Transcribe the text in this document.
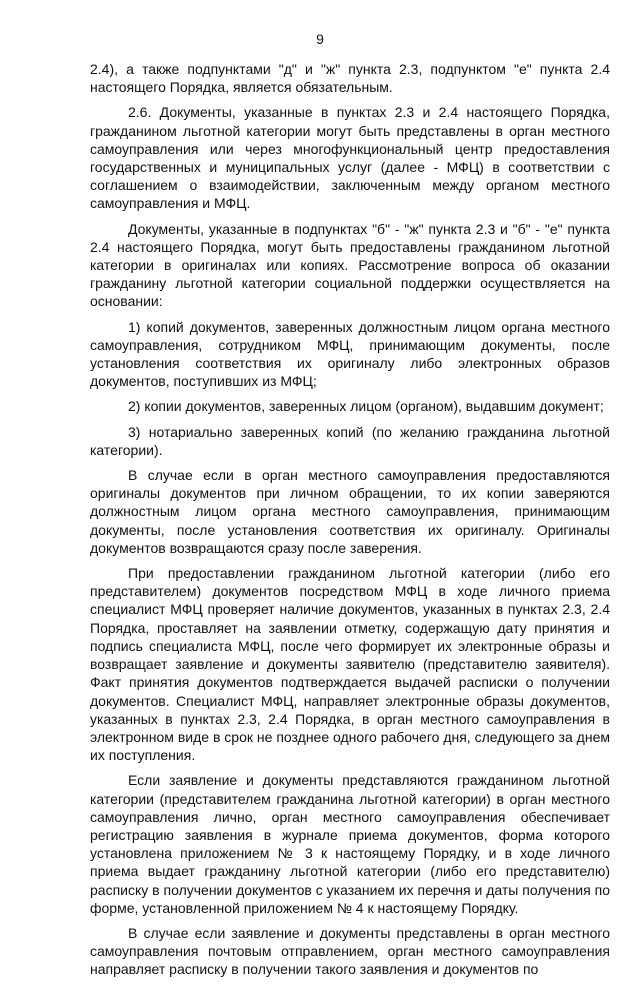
9

2.4), а также подпунктами "д" и "ж" пункта 2.3, подпунктом "е" пункта 2.4 настоящего Порядка, является обязательным.

2.6. Документы, указанные в пунктах 2.3 и 2.4 настоящего Порядка, гражданином льготной категории могут быть представлены в орган местного самоуправления или через многофункциональный центр предоставления государственных и муниципальных услуг (далее - МФЦ) в соответствии с соглашением о взаимодействии, заключенным между органом местного самоуправления и МФЦ.

Документы, указанные в подпунктах "б" - "ж" пункта 2.3 и "б" - "е" пункта 2.4 настоящего Порядка, могут быть предоставлены гражданином льготной категории в оригиналах или копиях. Рассмотрение вопроса об оказании гражданину льготной категории социальной поддержки осуществляется на основании:

1) копий документов, заверенных должностным лицом органа местного самоуправления, сотрудником МФЦ, принимающим документы, после установления соответствия их оригиналу либо электронных образов документов, поступивших из МФЦ;

2) копии документов, заверенных лицом (органом), выдавшим документ;

3) нотариально заверенных копий (по желанию гражданина льготной категории).

В случае если в орган местного самоуправления предоставляются оригиналы документов при личном обращении, то их копии заверяются должностным лицом органа местного самоуправления, принимающим документы, после установления соответствия их оригиналу. Оригиналы документов возвращаются сразу после заверения.

При предоставлении гражданином льготной категории (либо его представителем) документов посредством МФЦ в ходе личного приема специалист МФЦ проверяет наличие документов, указанных в пунктах 2.3, 2.4 Порядка, проставляет на заявлении отметку, содержащую дату принятия и подпись специалиста МФЦ, после чего формирует их электронные образы и возвращает заявление и документы заявителю (представителю заявителя). Факт принятия документов подтверждается выдачей расписки о получении документов. Специалист МФЦ, направляет электронные образы документов, указанных в пунктах 2.3, 2.4 Порядка, в орган местного самоуправления в электронном виде в срок не позднее одного рабочего дня, следующего за днем их поступления.

Если заявление и документы представляются гражданином льготной категории (представителем гражданина льготной категории) в орган местного самоуправления лично, орган местного самоуправления обеспечивает регистрацию заявления в журнале приема документов, форма которого установлена приложением № 3 к настоящему Порядку, и в ходе личного приема выдает гражданину льготной категории (либо его представителю) расписку в получении документов с указанием их перечня и даты получения по форме, установленной приложением № 4 к настоящему Порядку.

В случае если заявление и документы представлены в орган местного самоуправления почтовым отправлением, орган местного самоуправления направляет расписку в получении такого заявления и документов по
